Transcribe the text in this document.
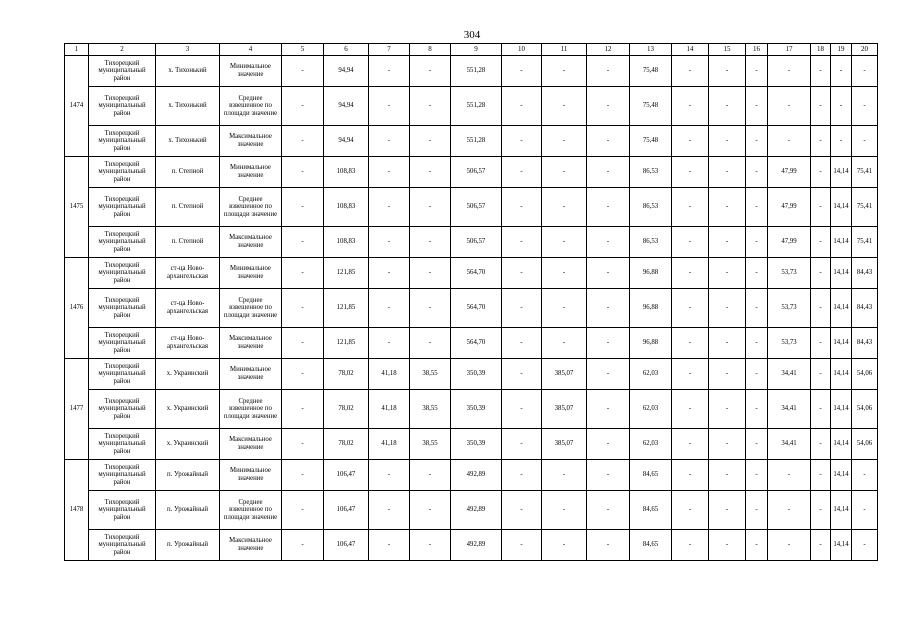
304
1	2	3	4	5	6	7	8	9	10	11	12	13	14	15	16	17	18	19	20
1474	Тихорецкий муниципальный район	х. Тихонький	Минимальное значение	-	94,94	-	-	551,28	-	-	-	75,48	-	-	-	-	-	-	-
	Тихорецкий муниципальный район	х. Тихонький	Среднее взвешенное по площади значение	-	94,94	-	-	551,28	-	-	-	75,48	-	-	-	-	-	-	-
	Тихорецкий муниципальный район	х. Тихонький	Максимальное значение	-	94,94	-	-	551,28	-	-	-	75,48	-	-	-	-	-	-	-
1475	Тихорецкий муниципальный район	п. Степной	Минимальное значение	-	108,83	-	-	506,57	-	-	-	86,53	-	-	-	47,99	-	14,14	75,41
	Тихорецкий муниципальный район	п. Степной	Среднее взвешенное по площади значение	-	108,83	-	-	506,57	-	-	-	86,53	-	-	-	47,99	-	14,14	75,41
	Тихорецкий муниципальный район	п. Степной	Максимальное значение	-	108,83	-	-	506,57	-	-	-	86,53	-	-	-	47,99	-	14,14	75,41
1476	Тихорецкий муниципальный район	ст-ца Ново-архангельская	Минимальное значение	-	121,85	-	-	564,70	-	-	-	96,88	-	-	-	53,73	-	14,14	84,43
	Тихорецкий муниципальный район	ст-ца Ново-архангельская	Среднее взвешенное по площади значение	-	121,85	-	-	564,70	-	-	-	96,88	-	-	-	53,73	-	14,14	84,43
	Тихорецкий муниципальный район	ст-ца Ново-архангельская	Максимальное значение	-	121,85	-	-	564,70	-	-	-	96,88	-	-	-	53,73	-	14,14	84,43
1477	Тихорецкий муниципальный район	х. Украинский	Минимальное значение	-	78,02	41,18	38,55	350,39	-	385,07	-	62,03	-	-	-	34,41	-	14,14	54,06
	Тихорецкий муниципальный район	х. Украинский	Среднее взвешенное по площади значение	-	78,02	41,18	38,55	350,39	-	385,07	-	62,03	-	-	-	34,41	-	14,14	54,06
	Тихорецкий муниципальный район	х. Украинский	Максимальное значение	-	78,02	41,18	38,55	350,39	-	385,07	-	62,03	-	-	-	34,41	-	14,14	54,06
1478	Тихорецкий муниципальный район	п. Урожайный	Минимальное значение	-	106,47	-	-	492,89	-	-	-	84,65	-	-	-	-	-	14,14	-
	Тихорецкий муниципальный район	п. Урожайный	Среднее взвешенное по площади значение	-	106,47	-	-	492,89	-	-	-	84,65	-	-	-	-	-	14,14	-
	Тихорецкий муниципальный район	п. Урожайный	Максимальное значение	-	106,47	-	-	492,89	-	-	-	84,65	-	-	-	-	-	14,14	-
